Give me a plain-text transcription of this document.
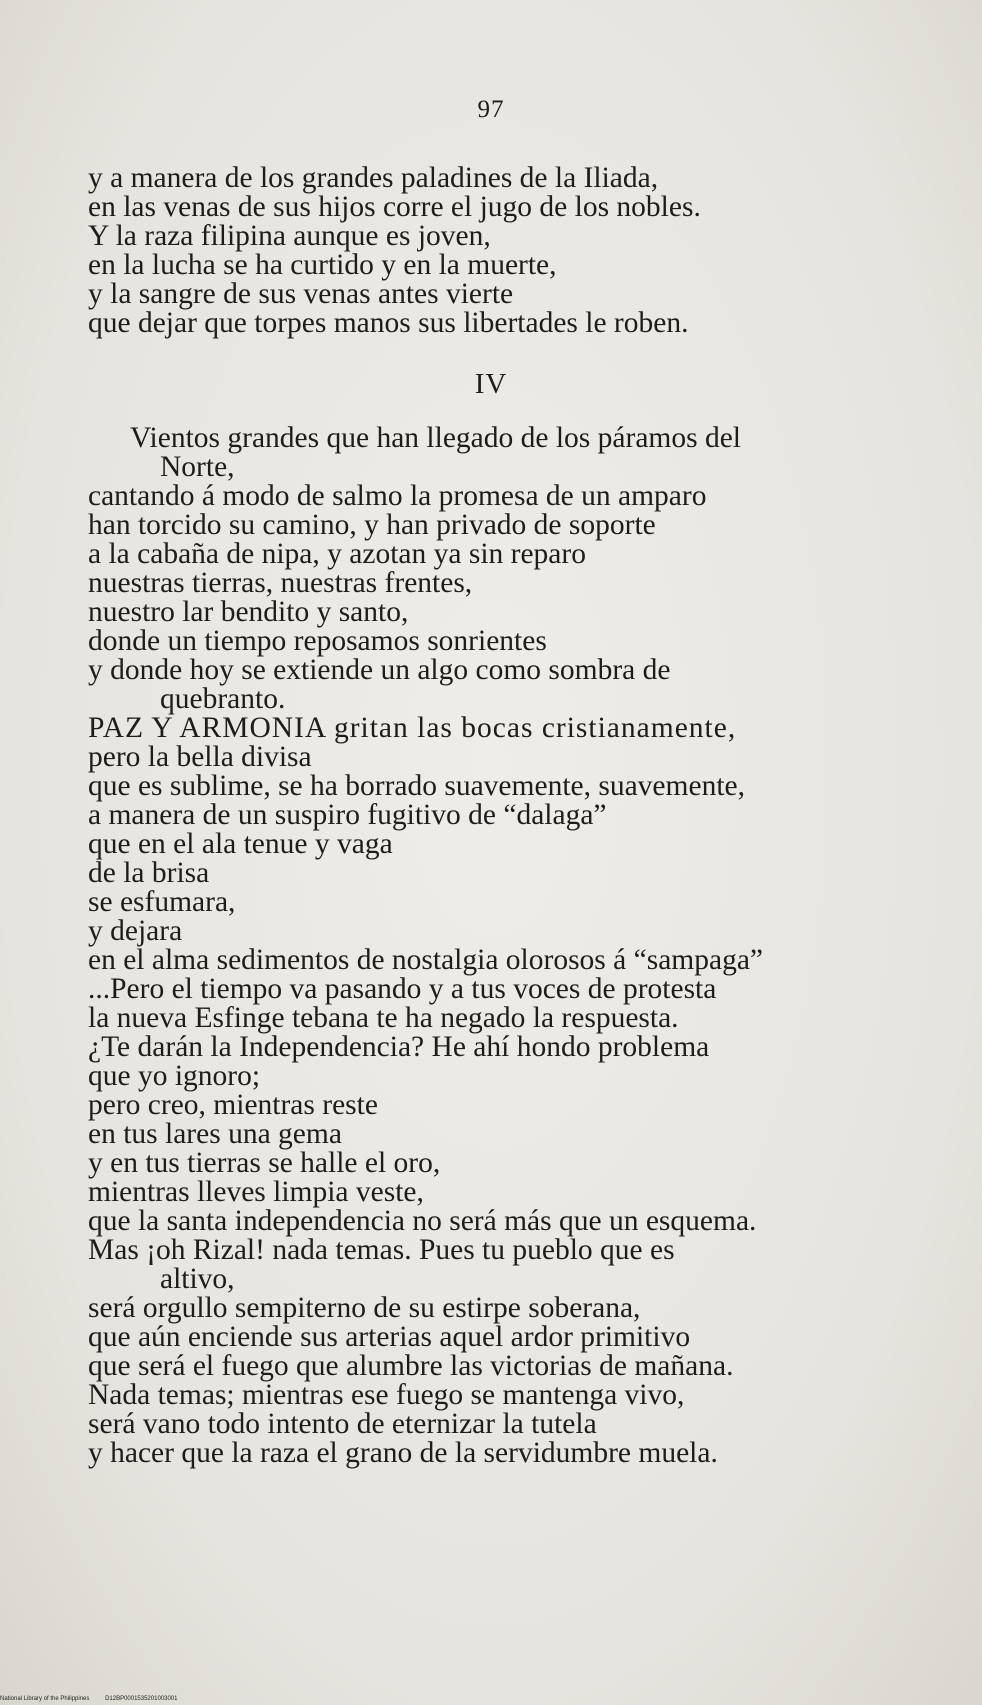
97
y a manera de los grandes paladines de la Iliada,
en las venas de sus hijos corre el jugo de los nobles.
Y la raza filipina aunque es joven,
en la lucha se ha curtido y en la muerte,
y la sangre de sus venas antes vierte
que dejar que torpes manos sus libertades le roben.
IV
Vientos grandes que han llegado de los páramos del
Norte,
cantando á modo de salmo la promesa de un amparo
han torcido su camino, y han privado de soporte
a la cabaña de nipa, y azotan ya sin reparo
nuestras tierras, nuestras frentes,
nuestro lar bendito y santo,
donde un tiempo reposamos sonrientes
y donde hoy se extiende un algo como sombra de
quebranto.
PAZ Y ARMONIA gritan las bocas cristianamente,
pero la bella divisa
que es sublime, se ha borrado suavemente, suavemente,
a manera de un suspiro fugitivo de “dalaga”
que en el ala tenue y vaga
de la brisa
se esfumara,
y dejara
en el alma sedimentos de nostalgia olorosos á “sampaga”
...Pero el tiempo va pasando y a tus voces de protesta
la nueva Esfinge tebana te ha negado la respuesta.
¿Te darán la Independencia? He ahí hondo problema
que yo ignoro;
pero creo, mientras reste
en tus lares una gema
y en tus tierras se halle el oro,
mientras lleves limpia veste,
que la santa independencia no será más que un esquema.
Mas ¡oh Rizal! nada temas. Pues tu pueblo que es
altivo,
será orgullo sempiterno de su estirpe soberana,
que aún enciende sus arterias aquel ardor primitivo
que será el fuego que alumbre las victorias de mañana.
Nada temas; mientras ese fuego se mantenga vivo,
será vano todo intento de eternizar la tutela
y hacer que la raza el grano de la servidumbre muela.
National Library of the Philippines	D12BP0001535201003001
